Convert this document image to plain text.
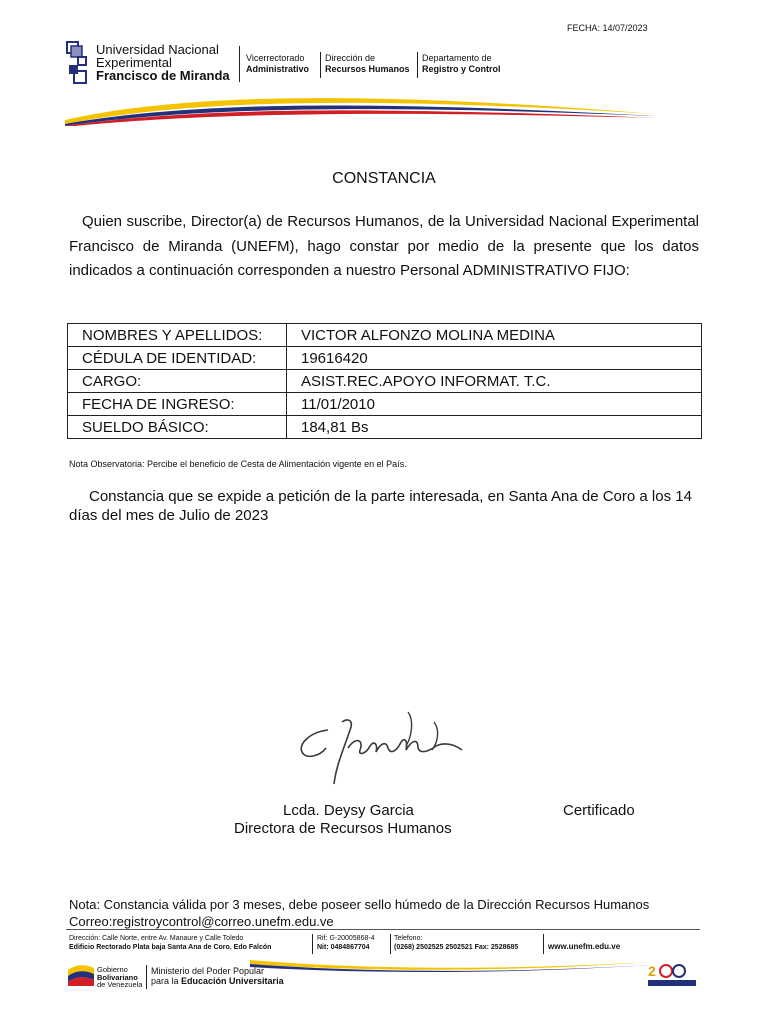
FECHA: 14/07/2023
Universidad Nacional
Experimental
Francisco de Miranda
Vicerrectorado
Administrativo
Dirección de
Recursos Humanos
Departamento de
Registro y Control
CONSTANCIA
Quien suscribe, Director(a) de Recursos Humanos, de la Universidad Nacional Experimental Francisco de Miranda (UNEFM), hago constar por medio de la presente que los datos indicados a continuación corresponden a nuestro Personal ADMINISTRATIVO FIJO:
NOMBRES Y APELLIDOS:	VICTOR ALFONZO MOLINA MEDINA
CÉDULA DE IDENTIDAD:	19616420
CARGO:	ASIST.REC.APOYO INFORMAT. T.C.
FECHA DE INGRESO:	11/01/2010
SUELDO BÁSICO:	184,81 Bs
Nota Observatoria: Percibe el beneficio de Cesta de Alimentación vigente en el País.
Constancia que se expide a petición de la parte interesada, en Santa Ana de Coro a los 14 días del mes de Julio de 2023
Lcda. Deysy Garcia
Directora de Recursos Humanos
Certificado
Nota: Constancia válida por 3 meses, debe poseer sello húmedo de la Dirección Recursos Humanos
Correo:registroycontrol@correo.unefm.edu.ve
Dirección: Calle Norte, entre Av. Manaure y Calle Toledo
Edificio Rectorado Plata baja Santa Ana de Coro. Edo Falcón
Rif: G-20005868-4
Nit: 0484867704
Telefono:
(0268) 2502525 2502521 Fax: 2528685	www.unefm.edu.ve
Gobierno
Bolivariano
de Venezuela
Ministerio del Poder Popular
para la Educación Universitaria
2
